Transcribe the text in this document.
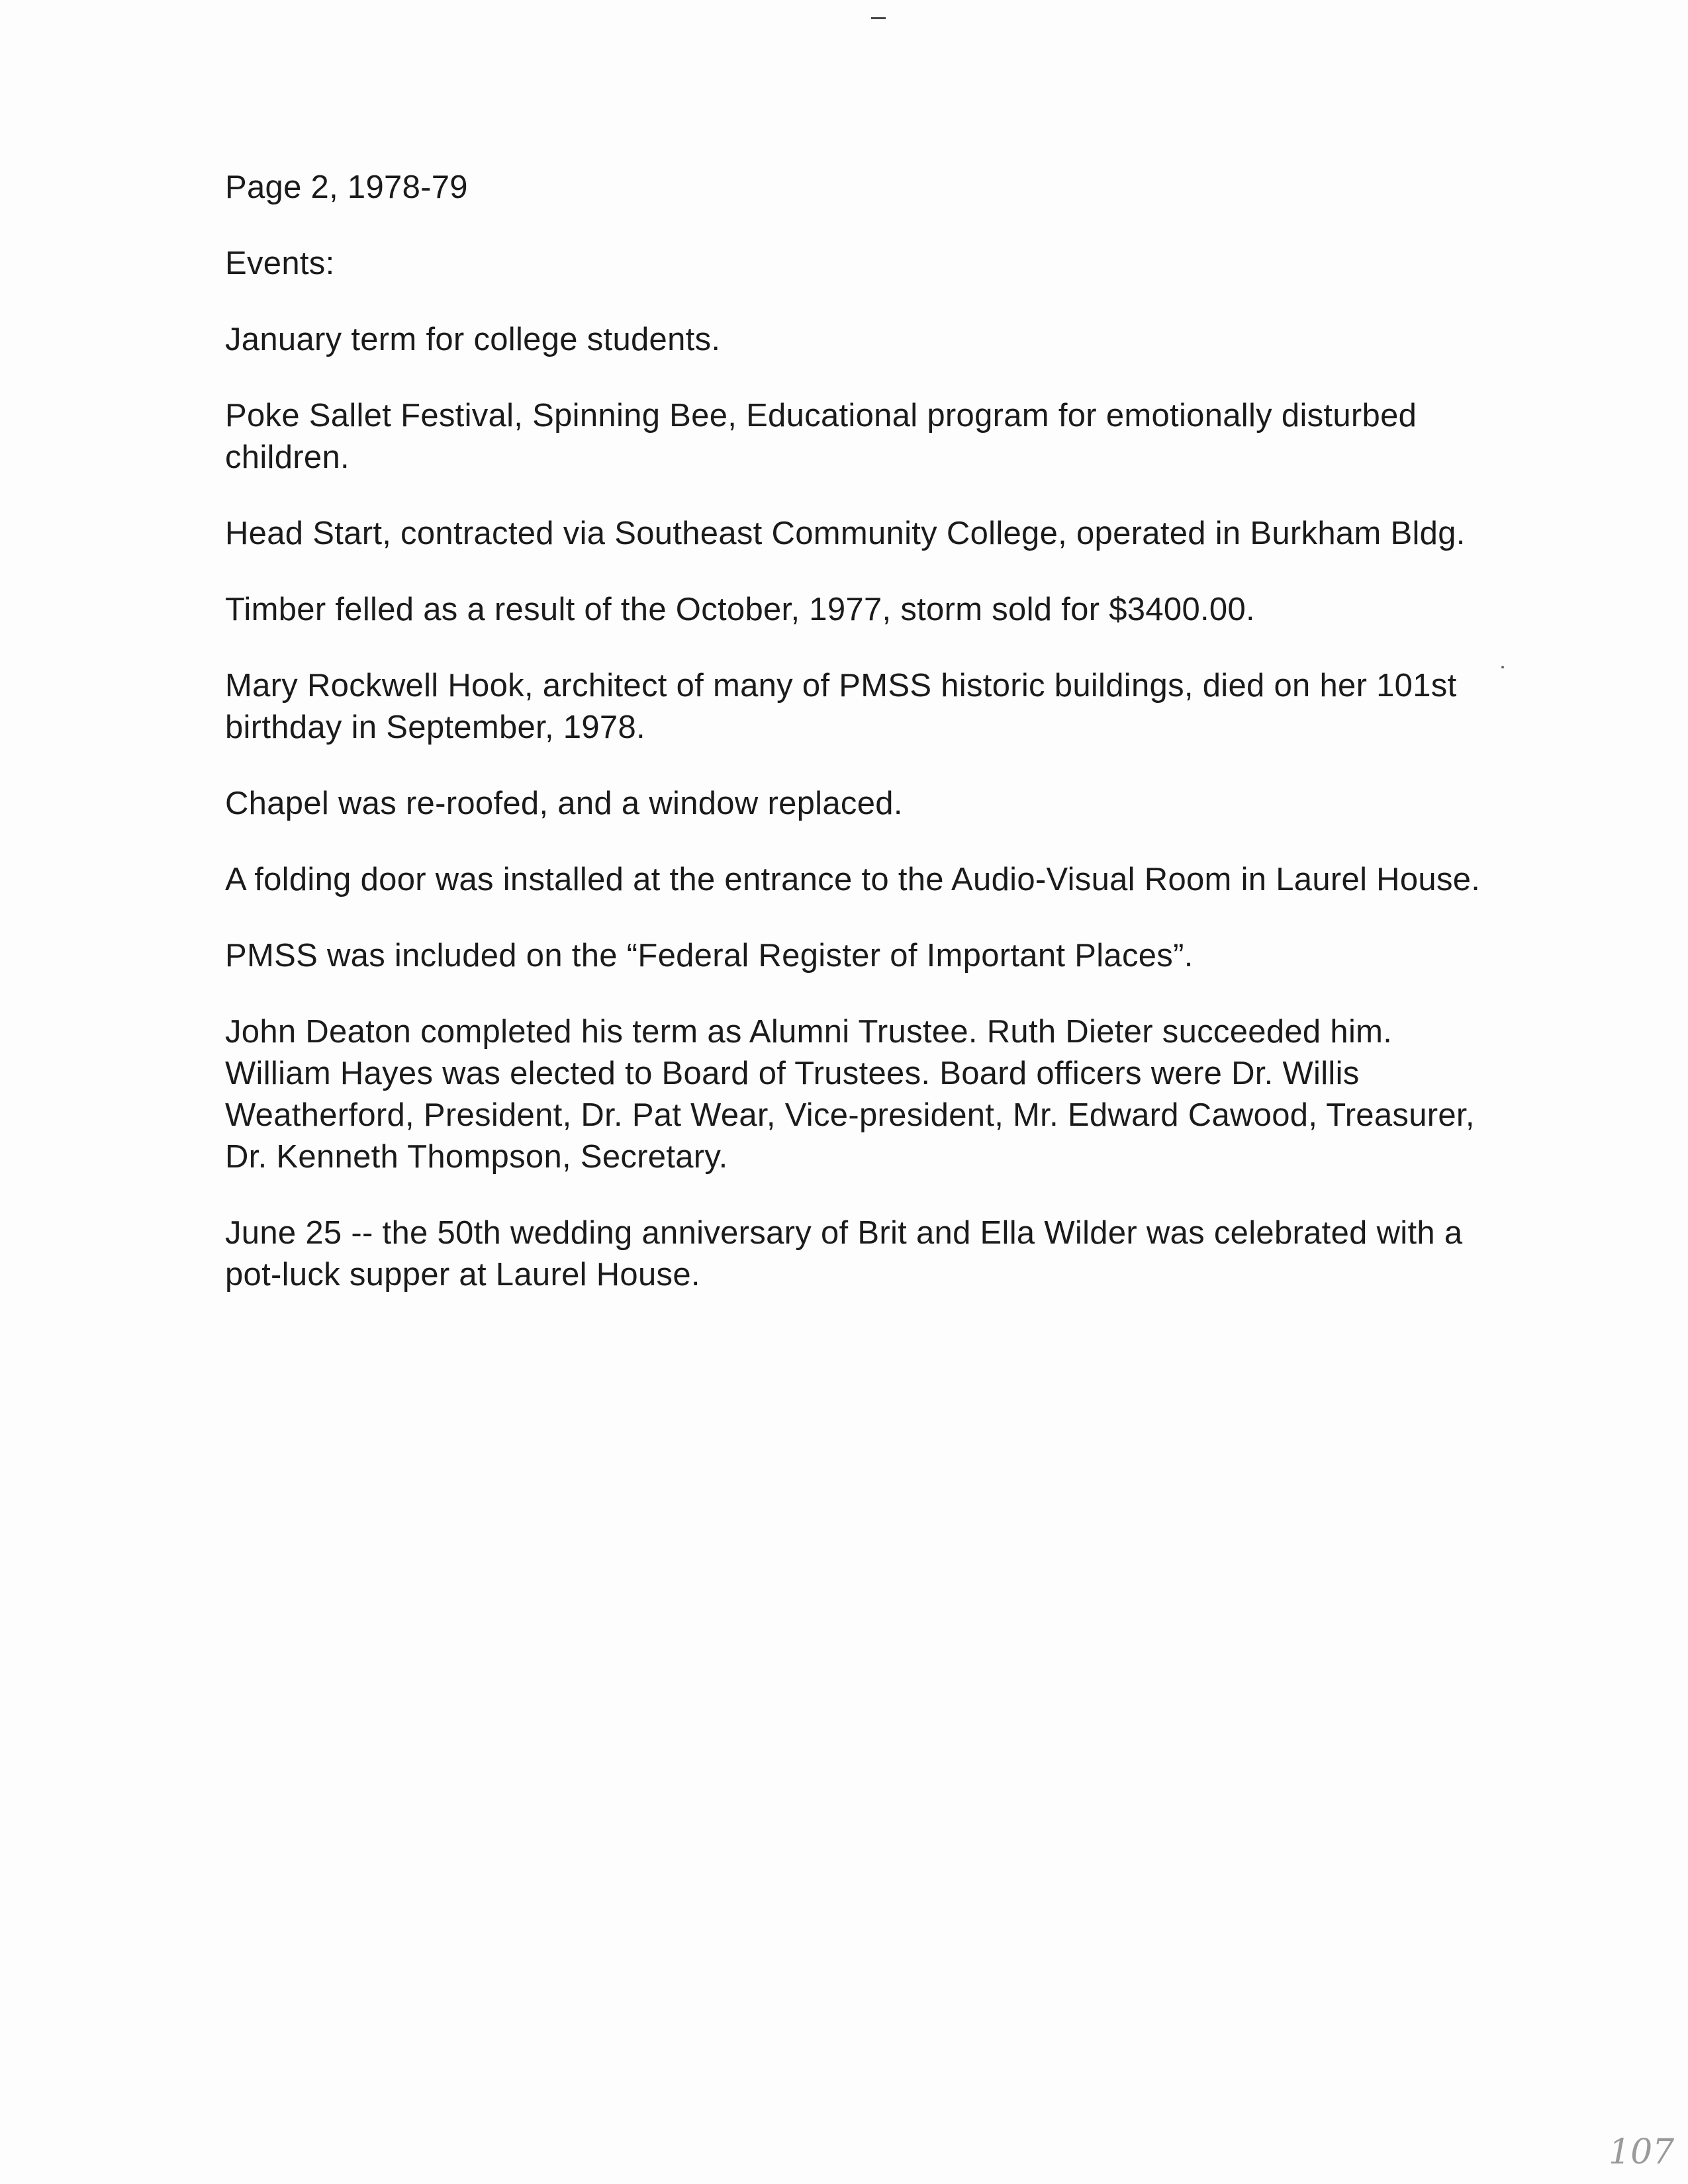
Page 2, 1978-79
Events:
January term for college students.
Poke Sallet Festival, Spinning Bee, Educational program for emotionally disturbed
children.
Head Start, contracted via Southeast Community College, operated in Burkham Bldg.
Timber felled as a result of the October, 1977, storm sold for $3400.00.
Mary Rockwell Hook, architect of many of PMSS historic buildings, died on her 101st
birthday in September, 1978.
Chapel was re-roofed, and a window replaced.
A folding door was installed at the entrance to the Audio-Visual Room in Laurel House.
PMSS was included on the “Federal Register of Important Places”.
John Deaton completed his term as Alumni Trustee. Ruth Dieter succeeded him.
William Hayes was elected to Board of Trustees. Board officers were Dr. Willis
Weatherford, President, Dr. Pat Wear, Vice-president, Mr. Edward Cawood, Treasurer,
Dr. Kenneth Thompson, Secretary.
June 25 -- the 50th wedding anniversary of Brit and Ella Wilder was celebrated with a
pot-luck supper at Laurel House.
107
